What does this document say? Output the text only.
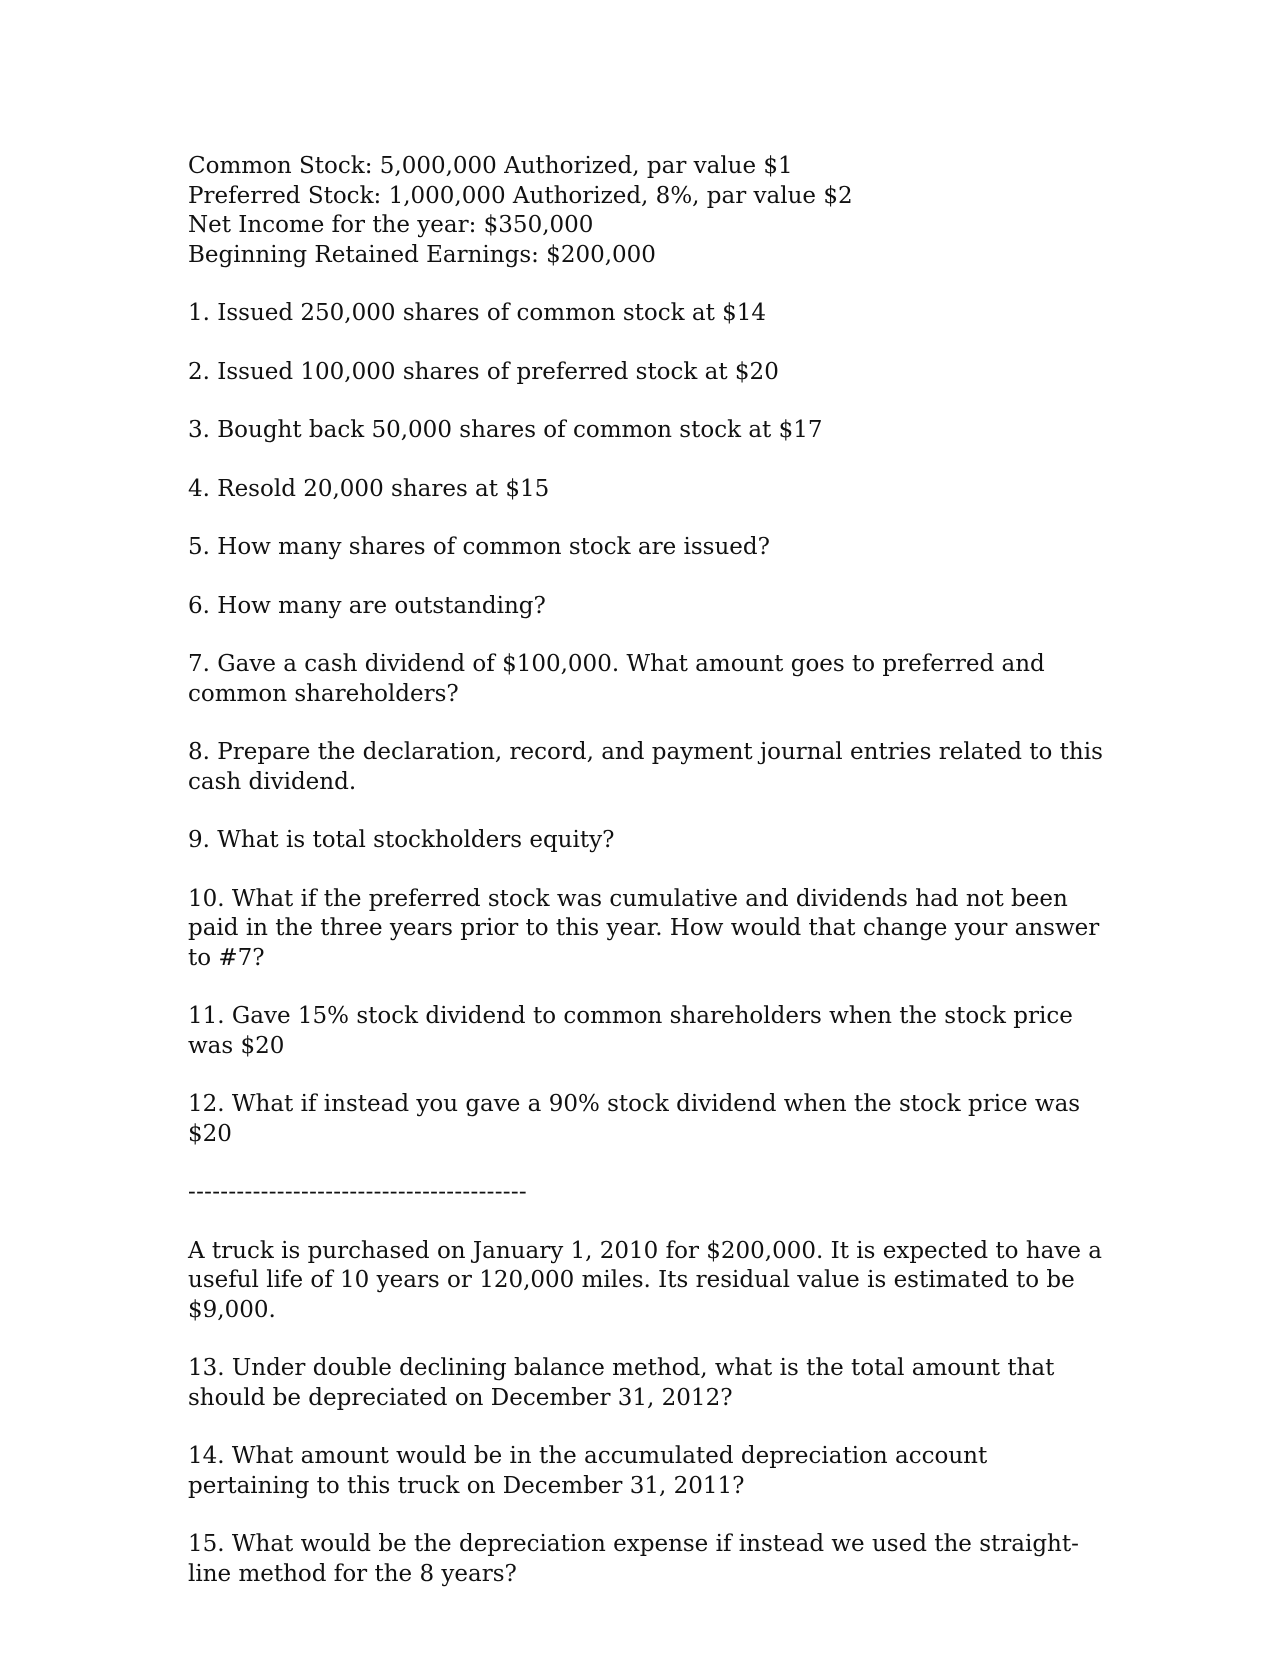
Common Stock: 5,000,000 Authorized, par value $1
Preferred Stock: 1,000,000 Authorized, 8%, par value $2
Net Income for the year: $350,000
Beginning Retained Earnings: $200,000

1. Issued 250,000 shares of common stock at $14

2. Issued 100,000 shares of preferred stock at $20

3. Bought back 50,000 shares of common stock at $17

4. Resold 20,000 shares at $15

5. How many shares of common stock are issued?

6. How many are outstanding?

7. Gave a cash dividend of $100,000. What amount goes to preferred and common shareholders?

8. Prepare the declaration, record, and payment journal entries related to this cash dividend.

9. What is total stockholders equity?

10. What if the preferred stock was cumulative and dividends had not been paid in the three years prior to this year. How would that change your answer to #7?

11. Gave 15% stock dividend to common shareholders when the stock price was $20

12. What if instead you gave a 90% stock dividend when the stock price was $20

------------------------------------------

A truck is purchased on January 1, 2010 for $200,000. It is expected to have a useful life of 10 years or 120,000 miles. Its residual value is estimated to be $9,000.

13. Under double declining balance method, what is the total amount that should be depreciated on December 31, 2012?

14. What amount would be in the accumulated depreciation account pertaining to this truck on December 31, 2011?

15. What would be the depreciation expense if instead we used the straight-line method for the 8 years?
